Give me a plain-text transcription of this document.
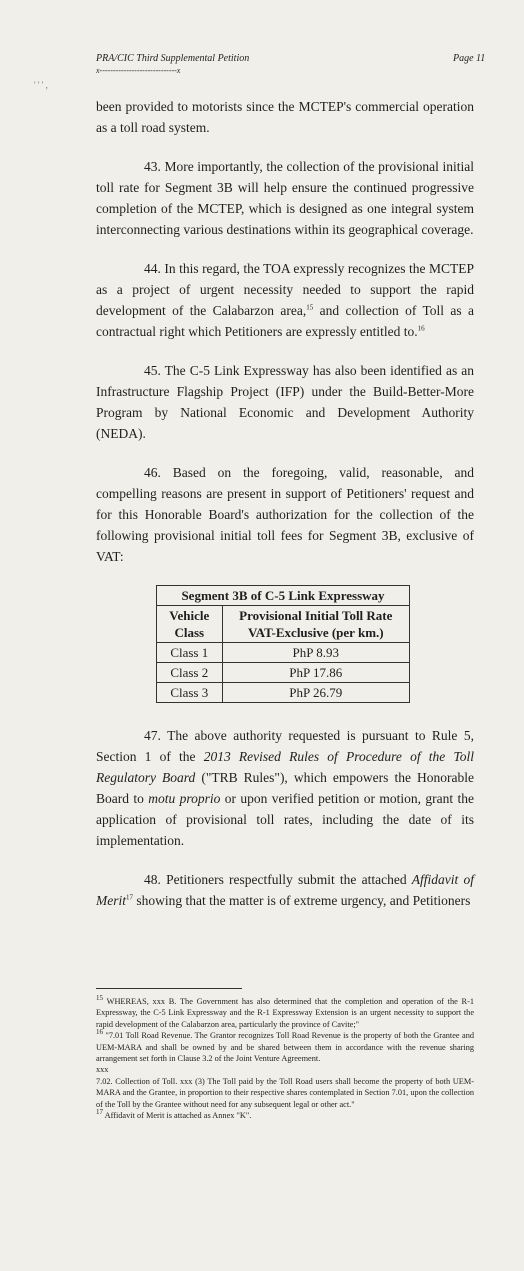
PRA/CIC Third Supplemental Petition
x-----------------------------x
Page 11
' ' ' ,

been provided to motorists since the MCTEP's commercial operation as a toll road system.

43. More importantly, the collection of the provisional initial toll rate for Segment 3B will help ensure the continued progressive completion of the MCTEP, which is designed as one integral system interconnecting various destinations within its geographical coverage.

44. In this regard, the TOA expressly recognizes the MCTEP as a project of urgent necessity needed to support the rapid development of the Calabarzon area,$^{15}$ and collection of Toll as a contractual right which Petitioners are expressly entitled to.$^{16}$

45. The C-5 Link Expressway has also been identified as an Infrastructure Flagship Project (IFP) under the Build-Better-More Program by National Economic and Development Authority (NEDA).

46. Based on the foregoing, valid, reasonable, and compelling reasons are present in support of Petitioners' request and for this Honorable Board's authorization for the collection of the following provisional initial toll fees for Segment 3B, exclusive of VAT:

Segment 3B of C-5 Link Expressway	
Vehicle Class	Provisional Initial Toll Rate VAT-Exclusive (per km.)
Class 1	PhP 8.93
Class 2	PhP 17.86
Class 3	PhP 26.79

47. The above authority requested is pursuant to Rule 5, Section 1 of the 2013 Revised Rules of Procedure of the Toll Regulatory Board ("TRB Rules"), which empowers the Honorable Board to motu proprio or upon verified petition or motion, grant the application of provisional toll rates, including the date of its implementation.

48. Petitioners respectfully submit the attached Affidavit of Merit$^{17}$ showing that the matter is of extreme urgency, and Petitioners

$^{15}$ WHEREAS, xxx B. The Government has also determined that the completion and operation of the R-1 Expressway, the C-5 Link Expressway and the R-1 Expressway Extension is an urgent necessity to support the rapid development of the Calabarzon area, particularly the province of Cavite;"

$^{16}$ "7.01 Toll Road Revenue. The Grantor recognizes Toll Road Revenue is the property of both the Grantee and UEM-MARA and shall be owned by and be shared between them in accordance with the revenue sharing arrangement set forth in Clause 3.2 of the Joint Venture Agreement.

xxx

7.02. Collection of Toll. xxx (3) The Toll paid by the Toll Road users shall become the property of both UEM-MARA and the Grantee, in proportion to their respective shares contemplated in Section 7.01, upon the collection of the Toll by the Grantee without need for any subsequent legal or other act."

$^{17}$ Affidavit of Merit is attached as Annex "K".
